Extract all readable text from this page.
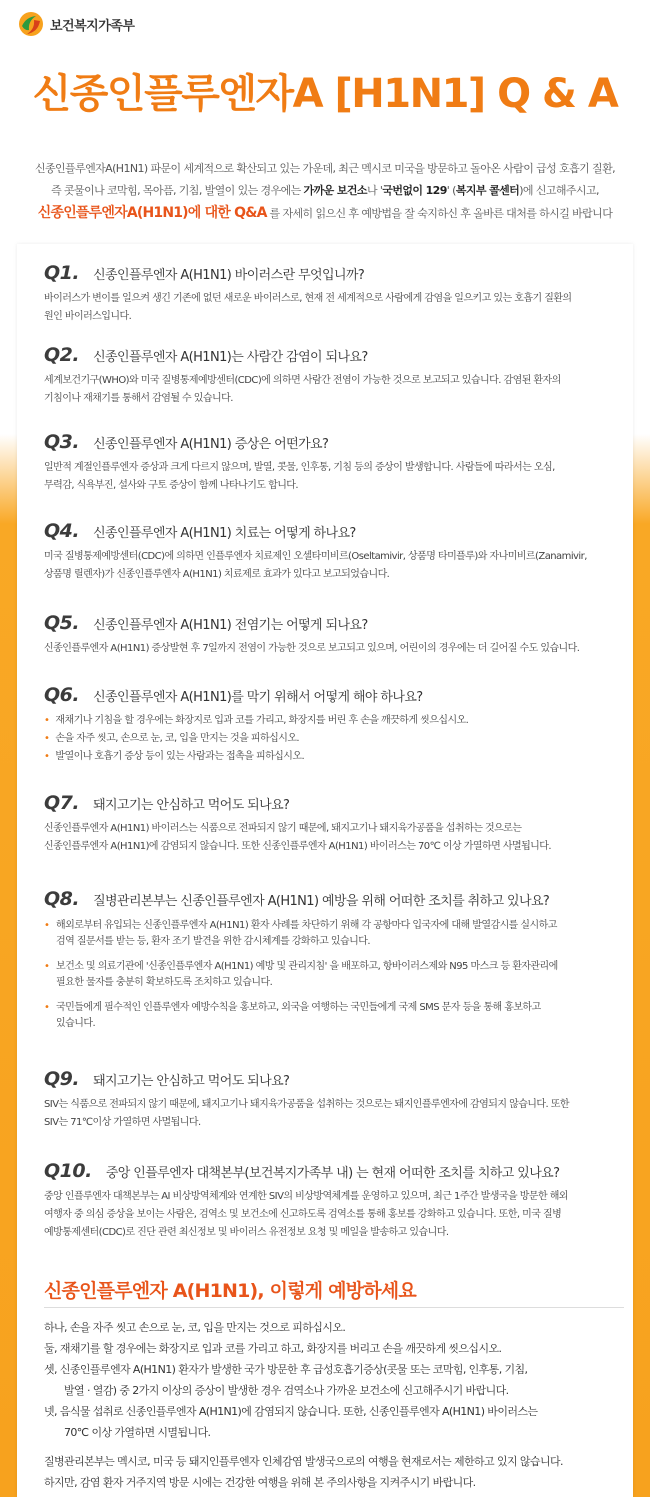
보건복지가족부
신종인플루엔자A [H1N1] Q & A
신종인플루엔자A(H1N1) 파문이 세계적으로 확산되고 있는 가운데, 최근 멕시코 미국을 방문하고 돌아온 사람이 급성 호흡기 질환,
즉 콧물이나 코막힘, 목아픔, 기침, 발열이 있는 경우에는 가까운 보건소나 '국번없이 129' (복지부 콜센터)에 신고해주시고,
신종인플루엔자A(H1N1)에 대한 Q&A 를 자세히 읽으신 후 예방법을 잘 숙지하신 후 올바른 대처를 하시길 바랍니다
Q1. 신종인플루엔자 A(H1N1) 바이러스란 무엇입니까?
바이러스가 변이를 일으켜 생긴 기존에 없던 새로운 바이러스로, 현재 전 세계적으로 사람에게 감염을 일으키고 있는 호흡기 질환의
원인 바이러스입니다.
Q2. 신종인플루엔자 A(H1N1)는 사람간 감염이 되나요?
세계보건기구(WHO)와 미국 질병통제예방센터(CDC)에 의하면 사람간 전염이 가능한 것으로 보고되고 있습니다. 감염된 환자의
기침이나 재채기를 통해서 감염될 수 있습니다.
Q3. 신종인플루엔자 A(H1N1) 증상은 어떤가요?
일반적 계절인플루엔자 증상과 크게 다르지 않으며, 발열, 콧물, 인후통, 기침 등의 증상이 발생합니다. 사람들에 따라서는 오심,
무력감, 식욕부진, 설사와 구토 증상이 함께 나타나기도 합니다.
Q4. 신종인플루엔자 A(H1N1) 치료는 어떻게 하나요?
미국 질병통제예방센터(CDC)에 의하면 인플루엔자 치료제인 오셀타미비르(Oseltamivir, 상품명 타미플루)와 자나미비르(Zanamivir,
상품명 릴렌자)가 신종인플루엔자 A(H1N1) 치료제로 효과가 있다고 보고되었습니다.
Q5. 신종인플루엔자 A(H1N1) 전염기는 어떻게 되나요?
신종인플루엔자 A(H1N1) 증상발현 후 7일까지 전염이 가능한 것으로 보고되고 있으며, 어린이의 경우에는 더 길어질 수도 있습니다.
Q6. 신종인플루엔자 A(H1N1)를 막기 위해서 어떻게 해야 하나요?
• 재채기나 기침을 할 경우에는 화장지로 입과 코를 가리고, 화장지를 버린 후 손을 깨끗하게 씻으십시오.
• 손을 자주 씻고, 손으로 눈, 코, 입을 만지는 것을 피하십시오.
• 발열이나 호흡기 증상 등이 있는 사람과는 접촉을 피하십시오.
Q7. 돼지고기는 안심하고 먹어도 되나요?
신종인플루엔자 A(H1N1) 바이러스는 식품으로 전파되지 않기 때문에, 돼지고기나 돼지육가공품을 섭취하는 것으로는
신종인플루엔자 A(H1N1)에 감염되지 않습니다. 또한 신종인플루엔자 A(H1N1) 바이러스는 70℃ 이상 가열하면 사멸됩니다.
Q8. 질병관리본부는 신종인플루엔자 A(H1N1) 예방을 위해 어떠한 조치를 취하고 있나요?
• 해외로부터 유입되는 신종인플루엔자 A(H1N1) 환자 사례를 차단하기 위해 각 공항마다 입국자에 대해 발열감시를 실시하고
검역 질문서를 받는 등, 환자 조기 발견을 위한 감시체계를 강화하고 있습니다.
• 보건소 및 의료기관에 '신종인플루엔자 A(H1N1) 예방 및 관리지침' 을 배포하고, 항바이러스제와 N95 마스크 등 환자관리에
필요한 물자를 충분히 확보하도록 조치하고 있습니다.
• 국민들에게 필수적인 인플루엔자 예방수칙을 홍보하고, 외국을 여행하는 국민들에게 국제 SMS 문자 등을 통해 홍보하고
있습니다.
Q9. 돼지고기는 안심하고 먹어도 되나요?
SIV는 식품으로 전파되지 않기 때문에, 돼지고기나 돼지육가공품을 섭취하는 것으로는 돼지인플루엔자에 감염되지 않습니다. 또한
SIV는 71℃이상 가열하면 사멸됩니다.
Q10. 중앙 인플루엔자 대책본부(보건복지가족부 내) 는 현재 어떠한 조치를 치하고 있나요?
중앙 인플루엔자 대책본부는 AI 비상방역체계와 연계한 SIV의 비상방역체계를 운영하고 있으며, 최근 1주간 발생국을 방문한 해외
여행자 중 의심 증상을 보이는 사람은, 검역소 및 보건소에 신고하도록 검역소를 통해 홍보를 강화하고 있습니다. 또한, 미국 질병
예방통제센터(CDC)로 진단 관련 최신정보 및 바이러스 유전정보 요청 및 메일을 발송하고 있습니다.
신종인플루엔자 A(H1N1), 이렇게 예방하세요
하나, 손을 자주 씻고 손으로 눈, 코, 입을 만지는 것으로 피하십시오.
둘, 재채기를 할 경우에는 화장지로 입과 코를 가리고 하고, 화장지를 버리고 손을 깨끗하게 씻으십시오.
셋, 신종인플루엔자 A(H1N1) 환자가 발생한 국가 방문한 후 급성호흡기증상(콧물 또는 코막힘, 인후통, 기침,
발열 · 열감) 중 2가지 이상의 증상이 발생한 경우 검역소나 가까운 보건소에 신고해주시기 바랍니다.
넷, 음식물 섭취로 신종인플루엔자 A(H1N1)에 감염되지 않습니다. 또한, 신종인플루엔자 A(H1N1) 바이러스는
70℃ 이상 가열하면 시멸됩니다.
질병관리본부는 멕시코, 미국 등 돼지인플루엔자 인체감염 발생국으로의 여행을 현재로서는 제한하고 있지 않습니다.
하지만, 감염 환자 거주지역 방문 시에는 건강한 여행을 위해 본 주의사항을 지켜주시기 바랍니다.
